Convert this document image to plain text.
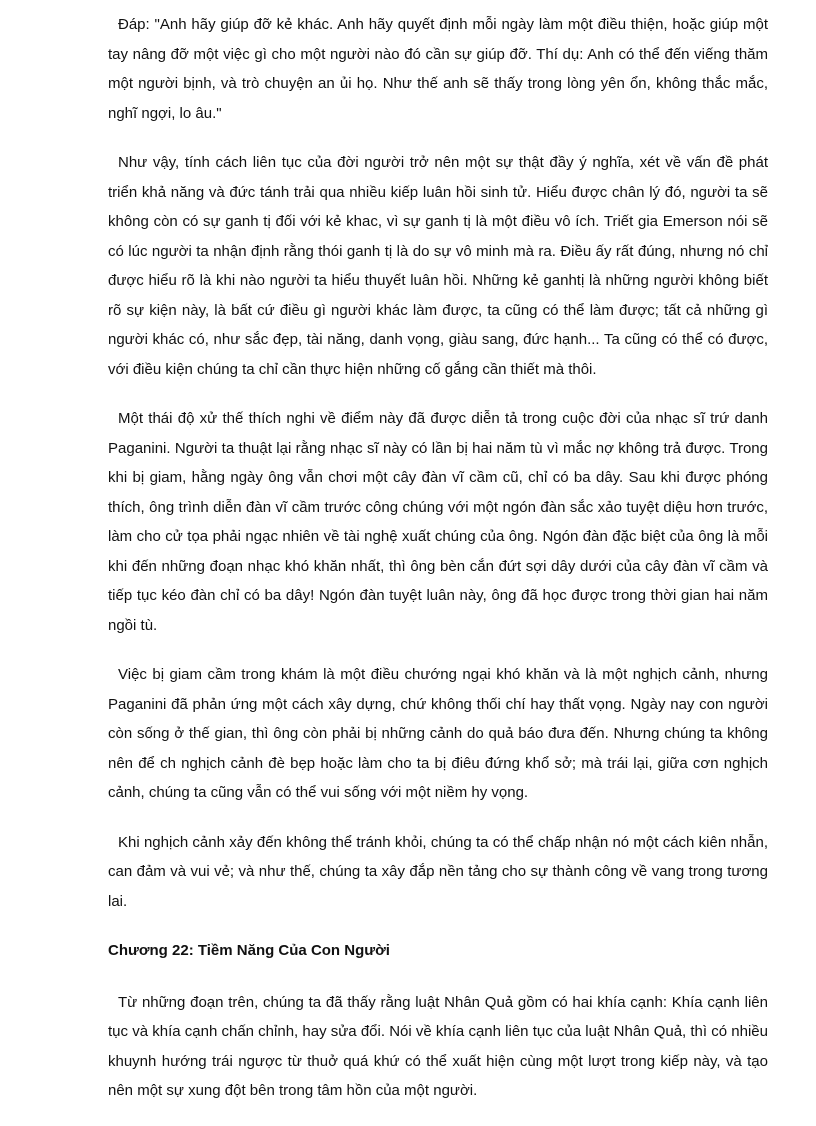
Đáp: "Anh hãy giúp đỡ kẻ khác. Anh hãy quyết định mỗi ngày làm một điều thiện, hoặc giúp một tay nâng đỡ một việc gì cho một người nào đó cần sự giúp đỡ. Thí dụ: Anh có thể đến viếng thăm một người bịnh, và trò chuyện an ủi họ. Như thế anh sẽ thấy trong lòng yên ổn, không thắc mắc, nghĩ ngợi, lo âu."

Như vậy, tính cách liên tục của đời người trở nên một sự thật đầy ý nghĩa, xét về vấn đề phát triển khả năng và đức tánh trải qua nhiều kiếp luân hồi sinh tử. Hiểu được chân lý đó, người ta sẽ không còn có sự ganh tị đối với kẻ khac, vì sự ganh tị là một điều vô ích. Triết gia Emerson nói sẽ có lúc người ta nhận định rằng thói ganh tị là do sự vô minh mà ra. Điều ấy rất đúng, nhưng nó chỉ được hiểu rõ là khi nào người ta hiểu thuyết luân hồi. Những kẻ ganhtị là những người không biết rõ sự kiện này, là bất cứ điều gì người khác làm được, ta cũng có thể làm được; tất cả những gì người khác có, như sắc đẹp, tài năng, danh vọng, giàu sang, đức hạnh... Ta cũng có thể có được, với điều kiện chúng ta chỉ cần thực hiện những cố gắng cần thiết mà thôi.

Một thái độ xử thế thích nghi về điểm này đã được diễn tả trong cuộc đời của nhạc sĩ trứ danh Paganini. Người ta thuật lại rằng nhạc sĩ này có lần bị hai năm tù vì mắc nợ không trả được. Trong khi bị giam, hằng ngày ông vẫn chơi một cây đàn vĩ cầm cũ, chỉ có ba dây. Sau khi được phóng thích, ông trình diễn đàn vĩ cầm trước công chúng với một ngón đàn sắc xảo tuyệt diệu hơn trước, làm cho cử tọa phải ngạc nhiên về tài nghệ xuất chúng của ông. Ngón đàn đặc biệt của ông là mỗi khi đến những đoạn nhạc khó khăn nhất, thì ông bèn cắn đứt sợi dây dưới của cây đàn vĩ cầm và tiếp tục kéo đàn chỉ có ba dây! Ngón đàn tuyệt luân này, ông đã học được trong thời gian hai năm ngồi tù.

Việc bị giam cầm trong khám là một điều chướng ngại khó khăn và là một nghịch cảnh, nhưng Paganini đã phản ứng một cách xây dựng, chứ không thối chí hay thất vọng. Ngày nay con người còn sống ở thế gian, thì ông còn phải bị những cảnh do quả báo đưa đến. Nhưng chúng ta không nên để ch nghịch cảnh đè bẹp hoặc làm cho ta bị điêu đứng khổ sở; mà trái lại, giữa cơn nghịch cảnh, chúng ta cũng vẫn có thể vui sống với một niềm hy vọng.

Khi nghịch cảnh xảy đến không thể tránh khỏi, chúng ta có thể chấp nhận nó một cách kiên nhẫn, can đảm và vui vẻ; và như thế, chúng ta xây đắp nền tảng cho sự thành công về vang trong tương lai.

Chương 22: Tiềm Năng Của Con Người

Từ những đoạn trên, chúng ta đã thấy rằng luật Nhân Quả gồm có hai khía cạnh: Khía cạnh liên tục và khía cạnh chấn chỉnh, hay sửa đổi. Nói về khía cạnh liên tục của luật Nhân Quả, thì có nhiều khuynh hướng trái ngược từ thuở quá khứ có thể xuất hiện cùng một lượt trong kiếp này, và tạo nên một sự xung đột bên trong tâm hồn của một người.
